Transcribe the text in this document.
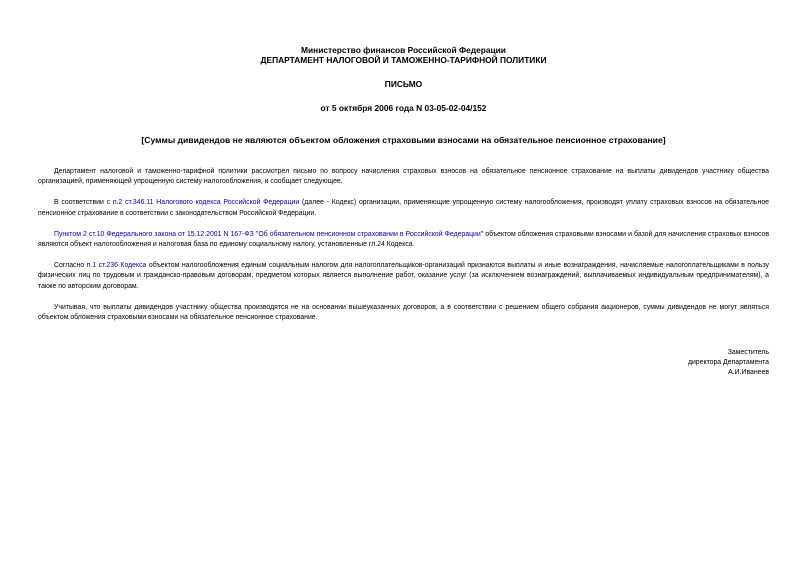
Министерство финансов Российской Федерации
ДЕПАРТАМЕНТ НАЛОГОВОЙ И ТАМОЖЕННО-ТАРИФНОЙ ПОЛИТИКИ
ПИСЬМО
от 5 октября 2006 года N 03-05-02-04/152
[Суммы дивидендов не являются объектом обложения страховыми взносами на обязательное пенсионное страхование]

Департамент налоговой и таможенно-тарифной политики рассмотрел письмо по вопросу начисления страховых взносов на обязательное пенсионное страхование на выплаты дивидендов участнику общества организацией, применяющей упрощенную систему налогообложения, и сообщает следующее.

В соответствии с п.2 ст.346.11 Налогового кодекса Российской Федерации (далее - Кодекс) организации, применяющие упрощенную систему налогообложения, производят уплату страховых взносов на обязательное пенсионное страхование в соответствии с законодательством Российской Федерации.

Пунктом 2 ст.10 Федерального закона от 15.12.2001 N 167-ФЗ "Об обязательном пенсионном страховании в Российской Федерации" объектом обложения страховыми взносами и базой для начисления страховых взносов являются объект налогообложения и налоговая база по единому социальному налогу, установленные гл.24 Кодекса.

Согласно п.1 ст.236 Кодекса объектом налогообложения единым социальным налогом для налогоплательщиков-организаций признаются выплаты и иные вознаграждения, начисляемые налогоплательщиками в пользу физических лиц по трудовым и гражданско-правовым договорам, предметом которых является выполнение работ, оказание услуг (за исключением вознаграждений, выплачиваемых индивидуальным предпринимателям), а также по авторским договорам.

Учитывая, что выплаты дивидендов участнику общества производятся не на основании вышеуказанных договоров, а в соответствии с решением общего собрания акционеров, суммы дивидендов не могут являться объектом обложения страховыми взносами на обязательное пенсионное страхование.

Заместитель
директора Департамента
А.И.Иванеев
